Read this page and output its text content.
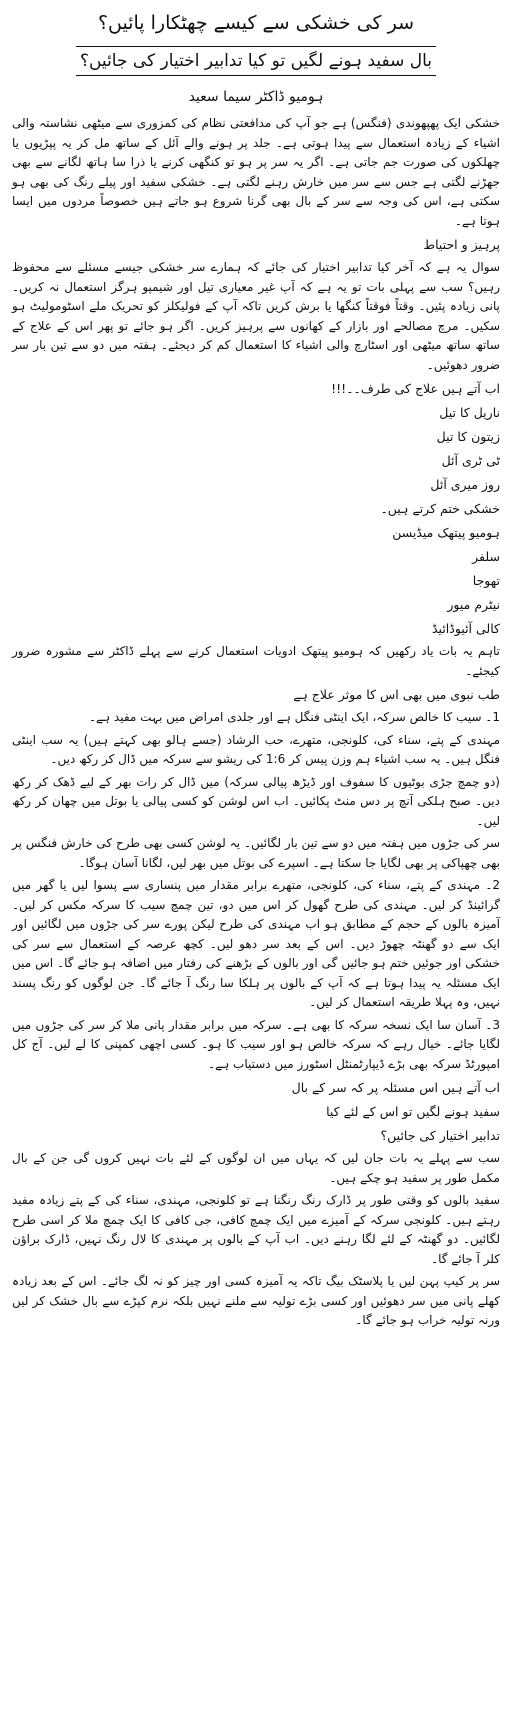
سر کی خشکی سے کیسے چھٹکارا پائیں؟
بال سفید ہونے لگیں تو کیا تدابیر اختیار کی جائیں؟
ہومیو ڈاکٹر سیما سعید
خشکی ایک پھپھوندی (فنگس) ہے جو آپ کی مدافعتی نظام کی کمزوری سے میٹھی نشاستہ والی اشیاء کے زیادہ استعمال سے پیدا ہوتی ہے۔ جلد پر ہونے والے آئل کے ساتھ مل کر یہ پپڑیوں یا چھلکوں کی صورت جم جاتی ہے۔ اگر یہ سر پر ہو تو کنگھی کرنے یا ذرا سا ہاتھ لگانے سے بھی جھڑنے لگتی ہے جس سے سر میں خارش رہنے لگتی ہے۔ خشکی سفید اور پیلے رنگ کی بھی ہو سکتی ہے، اس کی وجہ سے سر کے بال بھی گرنا شروع ہو جاتے ہیں خصوصاً مردوں میں ایسا ہوتا ہے۔
پرہیز و احتیاط
سوال یہ ہے کہ آخر کیا تدابیر اختیار کی جائے کہ ہمارے سر خشکی جیسے مسئلے سے محفوظ رہیں؟ سب سے پہلی بات تو یہ ہے کہ آپ غیر معیاری تیل اور شیمپو ہرگز استعمال نہ کریں۔ پانی زیادہ پئیں۔ وقتاً فوقتاً کنگھا یا برش کریں تاکہ آپ کے فولیکلز کو تحریک ملے اسٹومولیٹ ہو سکیں۔ مرچ مصالحے اور بازار کے کھانوں سے پرہیز کریں۔ اگر ہو جائے تو پھر اس کے علاج کے ساتھ ساتھ میٹھی اور اسٹارچ والی اشیاء کا استعمال کم کر دیجئے۔ ہفتہ میں دو سے تین بار سر ضرور دھوئیں۔
اب آتے ہیں علاج کی طرف۔۔!!!
ناریل کا تیل
زیتون کا تیل
ٹی ٹری آئل
روز میری آئل
خشکی ختم کرتے ہیں۔
ہومیو پیتھک میڈیسن
سلفر
تھوجا
نیٹرم میور
کالی آئیوڈائیڈ
تاہم یہ بات یاد رکھیں کہ ہومیو پیتھک ادویات استعمال کرنے سے پہلے ڈاکٹر سے مشورہ ضرور کیجئے۔
طب نبوی میں بھی اس کا موثر علاج ہے
1۔ سیب کا خالص سرکہ، ایک اینٹی فنگل ہے اور جلدی امراض میں بہت مفید ہے۔
مہندی کے پتے، سناء کی، کلونجی، متھرے، حب الرشاد (جسے ہالو بھی کہتے ہیں) یہ سب اینٹی فنگل ہیں۔ یہ سب اشیاء ہم وزن پیس کر 1:6 کی ریشو سے سرکہ میں ڈال کر رکھ دیں۔
(دو چمچ جڑی بوٹیوں کا سفوف اور ڈیڑھ پیالی سرکہ) میں ڈال کر رات بھر کے لیے ڈھک کر رکھ دیں۔ صبح ہلکی آنچ پر دس منٹ پکائیں۔ اب اس لوشن کو کسی پیالی یا بوتل میں چھان کر رکھ لیں۔
سر کی جڑوں میں ہفتہ میں دو سے تین بار لگائیں۔ یہ لوشن کسی بھی طرح کی خارش فنگس پر بھی چھپاکی پر بھی لگایا جا سکتا ہے۔ اسپرے کی بوتل میں بھر لیں، لگانا آسان ہوگا۔
2۔ مہندی کے پتے، سناء کی، کلونجی، متھرے برابر مقدار میں پنساری سے پسوا لیں یا گھر میں گرائینڈ کر لیں۔ مہندی کی طرح گھول کر اس میں دو، تین چمچ سیب کا سرکہ مکس کر لیں۔ آمیزہ بالوں کے حجم کے مطابق ہو اب مہندی کی طرح لیکن پورے سر کی جڑوں میں لگائیں اور ایک سے دو گھنٹہ چھوڑ دیں۔ اس کے بعد سر دھو لیں۔ کچھ عرصہ کے استعمال سے سر کی خشکی اور جوئیں ختم ہو جائیں گی اور بالوں کے بڑھنے کی رفتار میں اضافہ ہو جائے گا۔ اس میں ایک مسئلہ یہ پیدا ہوتا ہے کہ آپ کے بالوں پر ہلکا سا رنگ آ جائے گا۔ جن لوگوں کو رنگ پسند نہیں، وہ پہلا طریقہ استعمال کر لیں۔
3۔ آسان سا ایک نسخہ سرکہ کا بھی ہے۔ سرکہ میں برابر مقدار پانی ملا کر سر کی جڑوں میں لگایا جائے۔ خیال رہے کہ سرکہ خالص ہو اور سیب کا ہو۔ کسی اچھی کمپنی کا لے لیں۔ آج کل امپورٹڈ سرکہ بھی بڑے ڈیپارٹمنٹل اسٹورز میں دستیاب ہے۔
اب آتے ہیں اس مسئلہ پر کہ سر کے بال
سفید ہونے لگیں تو اس کے لئے کیا
تدابیر اختیار کی جائیں؟
سب سے پہلے یہ بات جان لیں کہ یہاں میں ان لوگوں کے لئے بات نہیں کروں گی جن کے بال مکمل طور پر سفید ہو چکے ہیں۔
سفید بالوں کو وقتی طور پر ڈارک رنگ رنگنا ہے تو کلونجی، مہندی، سناء کی کے پتے زیادہ مفید رہتے ہیں۔ کلونجی سرکہ کے آمیزے میں ایک چمچ کافی، جی کافی کا ایک چمچ ملا کر اسی طرح لگائیں۔ دو گھنٹہ کے لئے لگا رہنے دیں۔ اب آپ کے بالوں پر مہندی کا لال رنگ نہیں، ڈارک براؤن کلر آ جائے گا۔
سر پر کیپ پہن لیں یا پلاسٹک بیگ تاکہ یہ آمیزہ کسی اور چیز کو نہ لگ جائے۔ اس کے بعد زیادہ کھلے پانی میں سر دھوئیں اور کسی بڑے تولیہ سے ملنے نہیں بلکہ نرم کپڑے سے بال خشک کر لیں ورنہ تولیہ خراب ہو جائے گا۔
